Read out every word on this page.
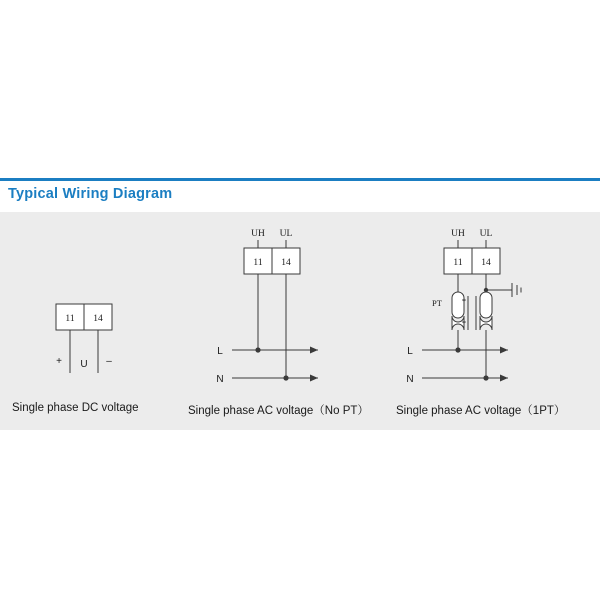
Typical Wiring Diagram
11 14
+	–
U
11 14
UH UL
L
N
11 14
UH UL
PT *
*
L
N
Single phase DC voltage	Single phase AC voltage（No PT） Single phase AC voltage（1PT）
